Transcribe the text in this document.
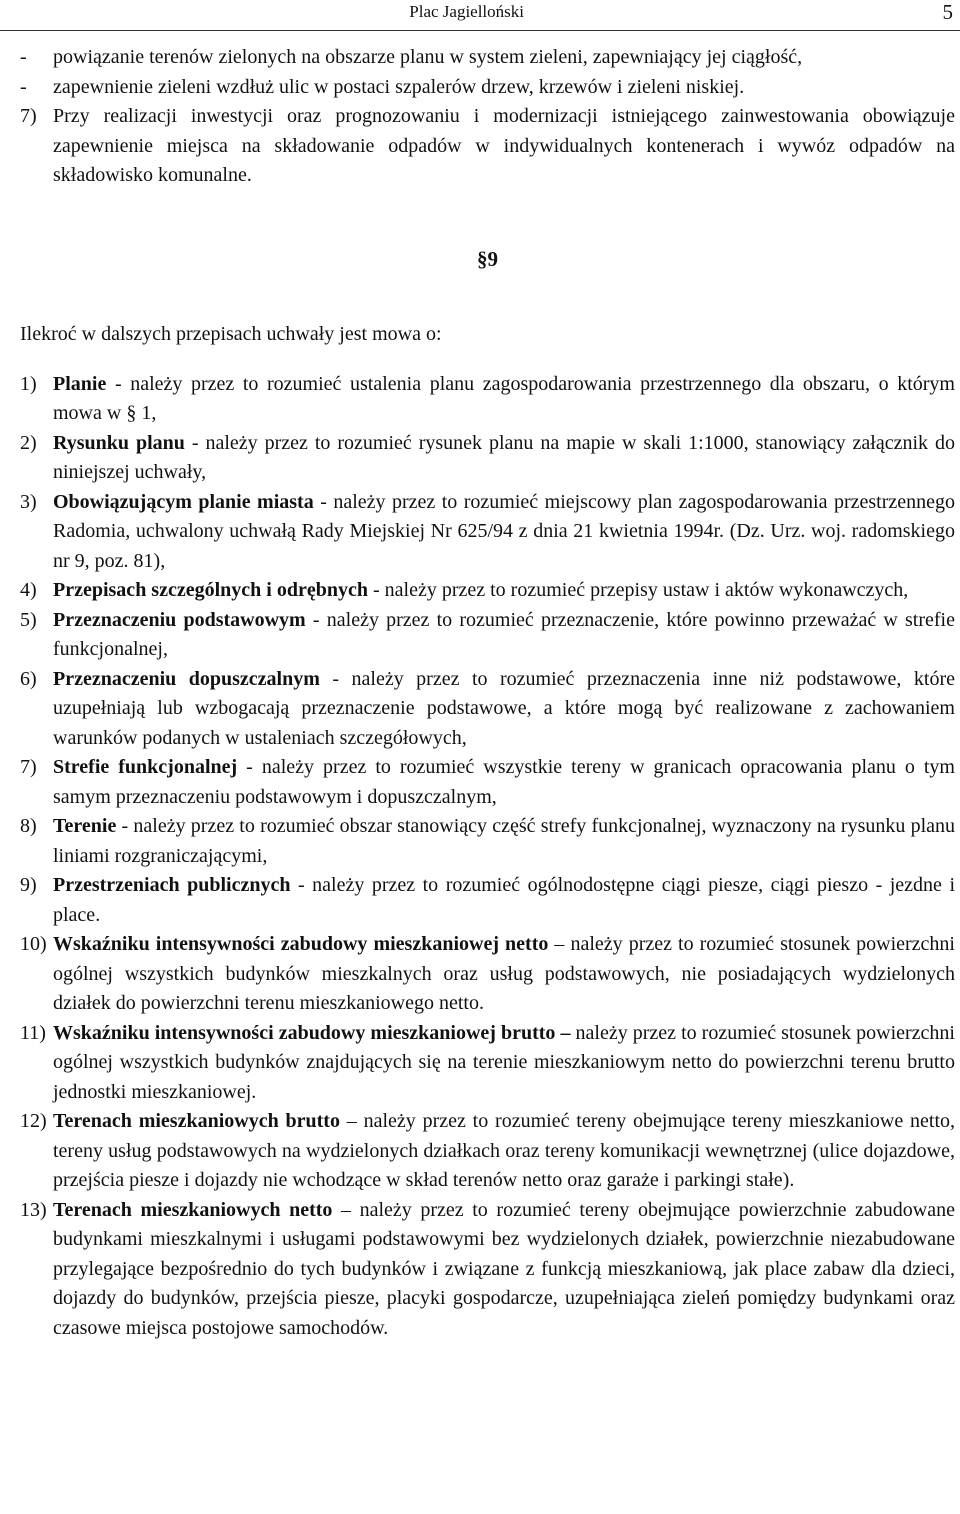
Plac Jagielloński	5
-	powiązanie terenów zielonych na obszarze planu w system zieleni, zapewniający jej ciągłość,
-	zapewnienie zieleni wzdłuż ulic w postaci szpalerów drzew, krzewów i zieleni niskiej.
7) Przy realizacji inwestycji oraz prognozowaniu i modernizacji istniejącego zainwestowania obowiązuje zapewnienie miejsca na składowanie odpadów w indywidualnych kontenerach i wywóz odpadów na składowisko komunalne.
§9
Ilekroć w dalszych przepisach uchwały jest mowa o:
1) Planie - należy przez to rozumieć ustalenia planu zagospodarowania przestrzennego dla obszaru, o którym mowa w § 1,
2) Rysunku planu - należy przez to rozumieć rysunek planu na mapie w skali 1:1000, stanowiący załącznik do niniejszej uchwały,
3) Obowiązującym planie miasta - należy przez to rozumieć miejscowy plan zagospodarowania przestrzennego Radomia, uchwalony uchwałą Rady Miejskiej Nr 625/94 z dnia 21 kwietnia 1994r. (Dz. Urz. woj. radomskiego nr 9, poz. 81),
4) Przepisach szczególnych i odrębnych - należy przez to rozumieć przepisy ustaw i aktów wykonawczych,
5) Przeznaczeniu podstawowym - należy przez to rozumieć przeznaczenie, które powinno przeważać w strefie funkcjonalnej,
6) Przeznaczeniu dopuszczalnym - należy przez to rozumieć przeznaczenia inne niż podstawowe, które uzupełniają lub wzbogacają przeznaczenie podstawowe, a które mogą być realizowane z zachowaniem warunków podanych w ustaleniach szczegółowych,
7) Strefie funkcjonalnej - należy przez to rozumieć wszystkie tereny w granicach opracowania planu o tym samym przeznaczeniu podstawowym i dopuszczalnym,
8) Terenie - należy przez to rozumieć obszar stanowiący część strefy funkcjonalnej, wyznaczony na rysunku planu liniami rozgraniczającymi,
9) Przestrzeniach publicznych - należy przez to rozumieć ogólnodostępne ciągi piesze, ciągi pieszo - jezdne i place.
10) Wskaźniku intensywności zabudowy mieszkaniowej netto – należy przez to rozumieć stosunek powierzchni ogólnej wszystkich budynków mieszkalnych oraz usług podstawowych, nie posiadających wydzielonych działek do powierzchni terenu mieszkaniowego netto.
11) Wskaźniku intensywności zabudowy mieszkaniowej brutto – należy przez to rozumieć stosunek powierzchni ogólnej wszystkich budynków znajdujących się na terenie mieszkaniowym netto do powierzchni terenu brutto jednostki mieszkaniowej.
12) Terenach mieszkaniowych brutto – należy przez to rozumieć tereny obejmujące tereny mieszkaniowe netto, tereny usług podstawowych na wydzielonych działkach oraz tereny komunikacji wewnętrznej (ulice dojazdowe, przejścia piesze i dojazdy nie wchodzące w skład terenów netto oraz garaże i parkingi stałe).
13) Terenach mieszkaniowych netto – należy przez to rozumieć tereny obejmujące powierzchnie zabudowane budynkami mieszkalnymi i usługami podstawowymi bez wydzielonych działek, powierzchnie niezabudowane przylegające bezpośrednio do tych budynków i związane z funkcją mieszkaniową, jak place zabaw dla dzieci, dojazdy do budynków, przejścia piesze, placyki gospodarcze, uzupełniająca zieleń pomiędzy budynkami oraz czasowe miejsca postojowe samochodów.
